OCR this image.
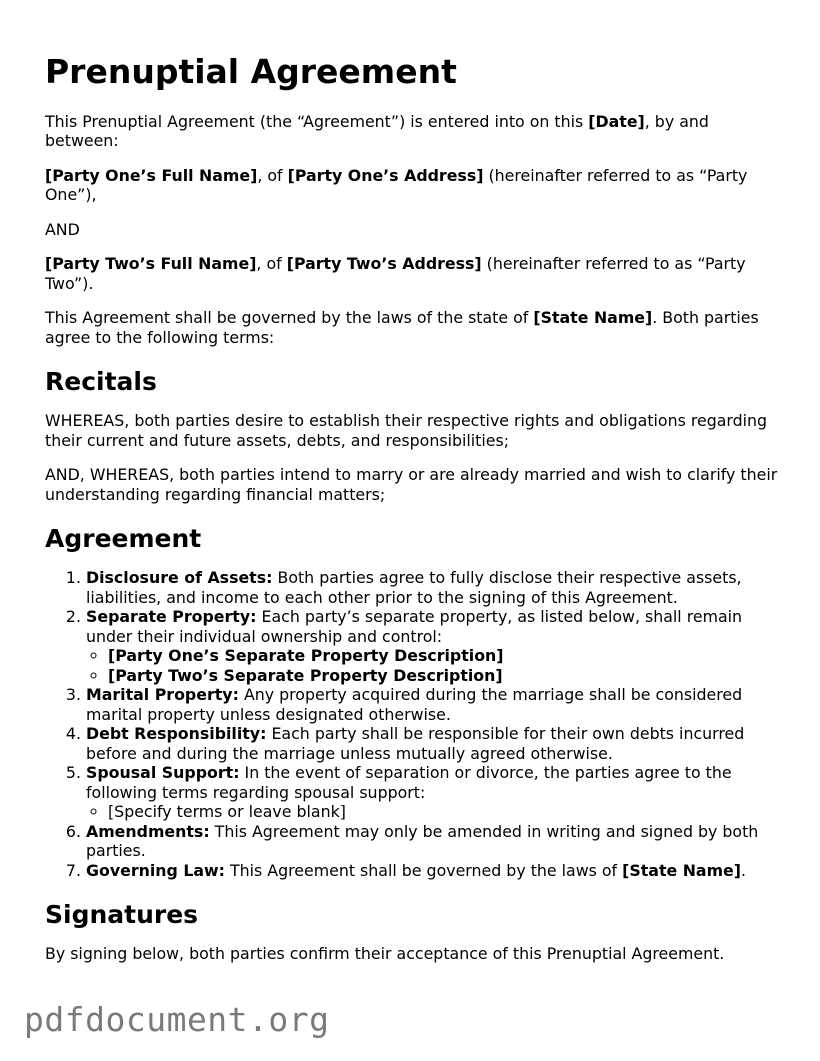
Prenuptial Agreement

This Prenuptial Agreement (the “Agreement”) is entered into on this [Date], by and between:

[Party One’s Full Name], of [Party One’s Address] (hereinafter referred to as “Party One”),

AND

[Party Two’s Full Name], of [Party Two’s Address] (hereinafter referred to as “Party Two”).

This Agreement shall be governed by the laws of the state of [State Name]. Both parties agree to the following terms:

Recitals

WHEREAS, both parties desire to establish their respective rights and obligations regarding their current and future assets, debts, and responsibilities;

AND, WHEREAS, both parties intend to marry or are already married and wish to clarify their understanding regarding financial matters;

Agreement
1. Disclosure of Assets: Both parties agree to fully disclose their respective assets, liabilities, and income to each other prior to the signing of this Agreement.
2. Separate Property: Each party’s separate property, as listed below, shall remain under their individual ownership and control:
◦ [Party One’s Separate Property Description]
◦ [Party Two’s Separate Property Description]
3. Marital Property: Any property acquired during the marriage shall be considered marital property unless designated otherwise.
4. Debt Responsibility: Each party shall be responsible for their own debts incurred before and during the marriage unless mutually agreed otherwise.
5. Spousal Support: In the event of separation or divorce, the parties agree to the following terms regarding spousal support:
◦ [Specify terms or leave blank]
6. Amendments: This Agreement may only be amended in writing and signed by both parties.
7. Governing Law: This Agreement shall be governed by the laws of [State Name].
Signatures

By signing below, both parties confirm their acceptance of this Prenuptial Agreement.

pdfdocument.org
